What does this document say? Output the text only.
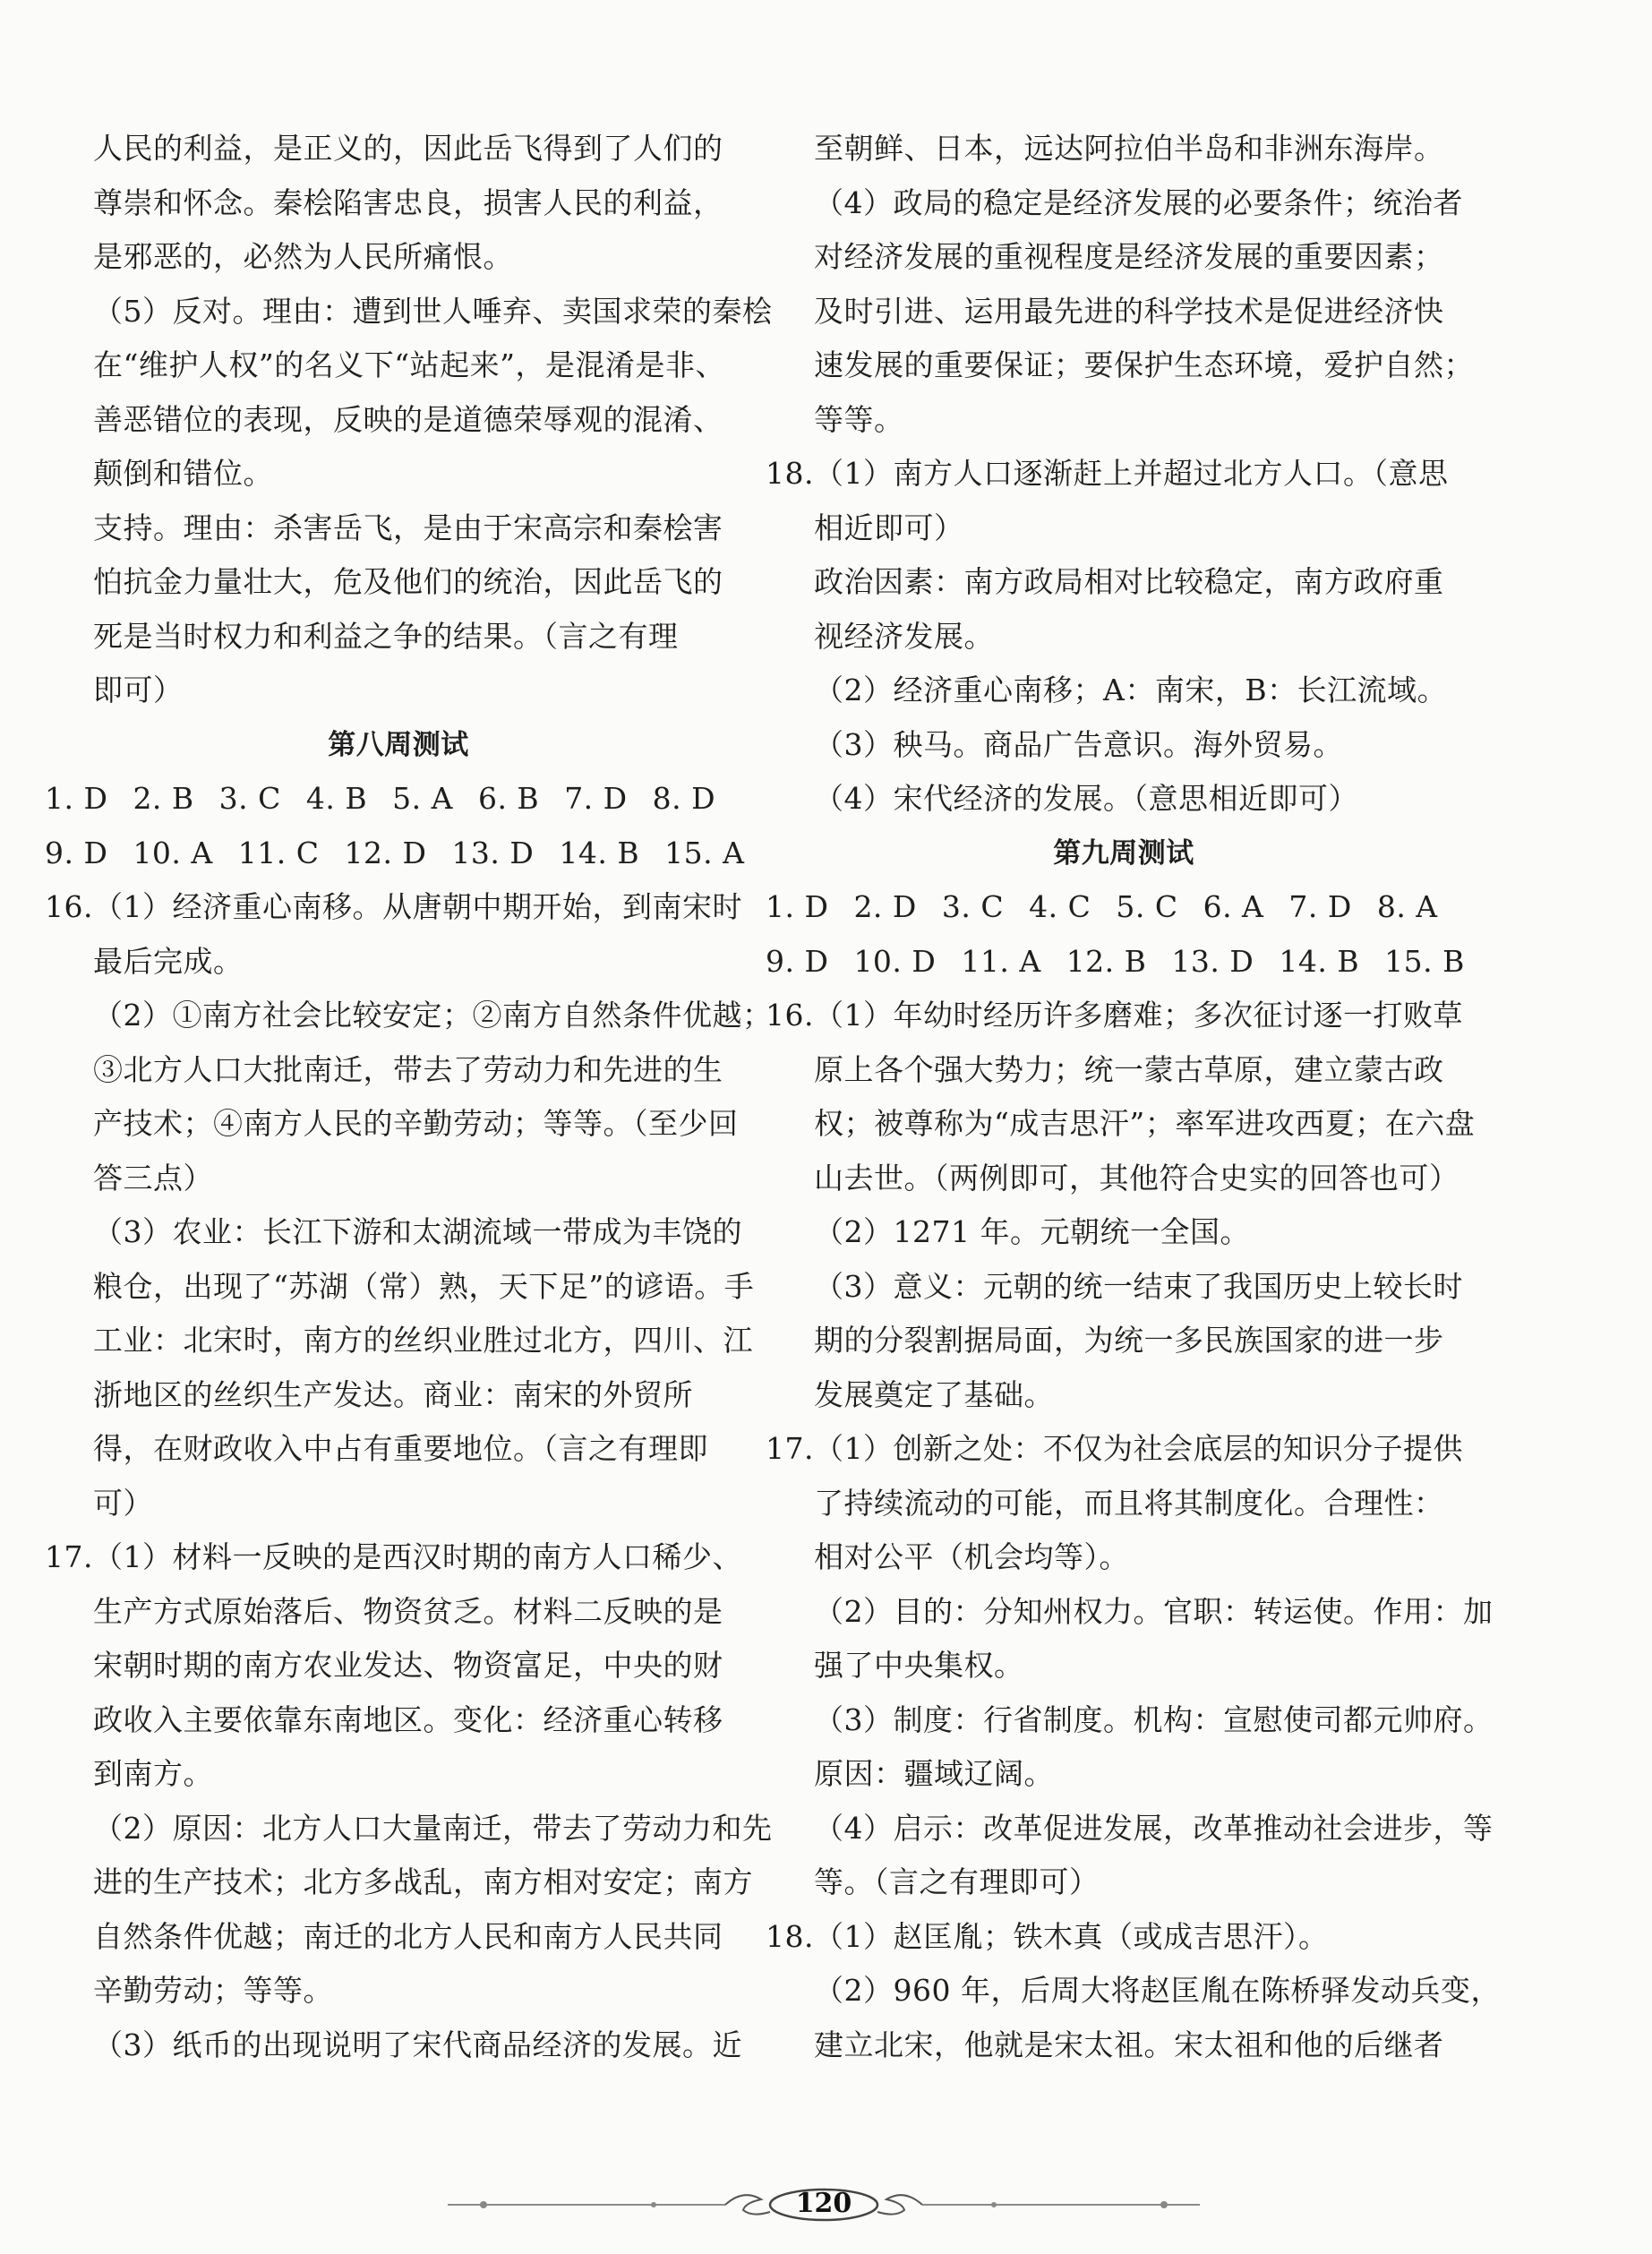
人民的利益，是正义的，因此岳飞得到了人们的
尊崇和怀念。秦桧陷害忠良，损害人民的利益，
是邪恶的，必然为人民所痛恨。
（5）反对。理由：遭到世人唾弃、卖国求荣的秦桧
在“维护人权”的名义下“站起来”，是混淆是非、
善恶错位的表现，反映的是道德荣辱观的混淆、
颠倒和错位。
支持。理由：杀害岳飞，是由于宋高宗和秦桧害
怕抗金力量壮大，危及他们的统治，因此岳飞的
死是当时权力和利益之争的结果。（言之有理
即可）
第八周测试
1. D 2. B 3. C 4. B 5. A 6. B 7. D 8. D
9. D 10. A 11. C 12. D 13. D 14. B 15. A
16.（1）经济重心南移。从唐朝中期开始，到南宋时
最后完成。
（2）①南方社会比较安定；②南方自然条件优越；
③北方人口大批南迁，带去了劳动力和先进的生
产技术；④南方人民的辛勤劳动；等等。（至少回
答三点）
（3）农业：长江下游和太湖流域一带成为丰饶的
粮仓，出现了“苏湖（常）熟，天下足”的谚语。手
工业：北宋时，南方的丝织业胜过北方，四川、江
浙地区的丝织生产发达。商业：南宋的外贸所
得，在财政收入中占有重要地位。（言之有理即
可）
17.（1）材料一反映的是西汉时期的南方人口稀少、
生产方式原始落后、物资贫乏。材料二反映的是
宋朝时期的南方农业发达、物资富足，中央的财
政收入主要依靠东南地区。变化：经济重心转移
到南方。
（2）原因：北方人口大量南迁，带去了劳动力和先
进的生产技术；北方多战乱，南方相对安定；南方
自然条件优越；南迁的北方人民和南方人民共同
辛勤劳动；等等。
（3）纸币的出现说明了宋代商品经济的发展。近
至朝鲜、日本，远达阿拉伯半岛和非洲东海岸。
（4）政局的稳定是经济发展的必要条件；统治者
对经济发展的重视程度是经济发展的重要因素；
及时引进、运用最先进的科学技术是促进经济快
速发展的重要保证；要保护生态环境，爱护自然；
等等。
18.（1）南方人口逐渐赶上并超过北方人口。（意思
相近即可）
政治因素：南方政局相对比较稳定，南方政府重
视经济发展。
（2）经济重心南移；A：南宋，B：长江流域。
（3）秧马。商品广告意识。海外贸易。
（4）宋代经济的发展。（意思相近即可）
第九周测试
1. D 2. D 3. C 4. C 5. C 6. A 7. D 8. A
9. D 10. D 11. A 12. B 13. D 14. B 15. B
16.（1）年幼时经历许多磨难；多次征讨逐一打败草
原上各个强大势力；统一蒙古草原，建立蒙古政
权；被尊称为“成吉思汗”；率军进攻西夏；在六盘
山去世。（两例即可，其他符合史实的回答也可）
（2）1271 年。元朝统一全国。
（3）意义：元朝的统一结束了我国历史上较长时
期的分裂割据局面，为统一多民族国家的进一步
发展奠定了基础。
17.（1）创新之处：不仅为社会底层的知识分子提供
了持续流动的可能，而且将其制度化。合理性：
相对公平（机会均等）。
（2）目的：分知州权力。官职：转运使。作用：加
强了中央集权。
（3）制度：行省制度。机构：宣慰使司都元帅府。
原因：疆域辽阔。
（4）启示：改革促进发展，改革推动社会进步，等
等。（言之有理即可）
18.（1）赵匡胤；铁木真（或成吉思汗）。
（2）960 年，后周大将赵匡胤在陈桥驿发动兵变，
建立北宋，他就是宋太祖。宋太祖和他的后继者
120
